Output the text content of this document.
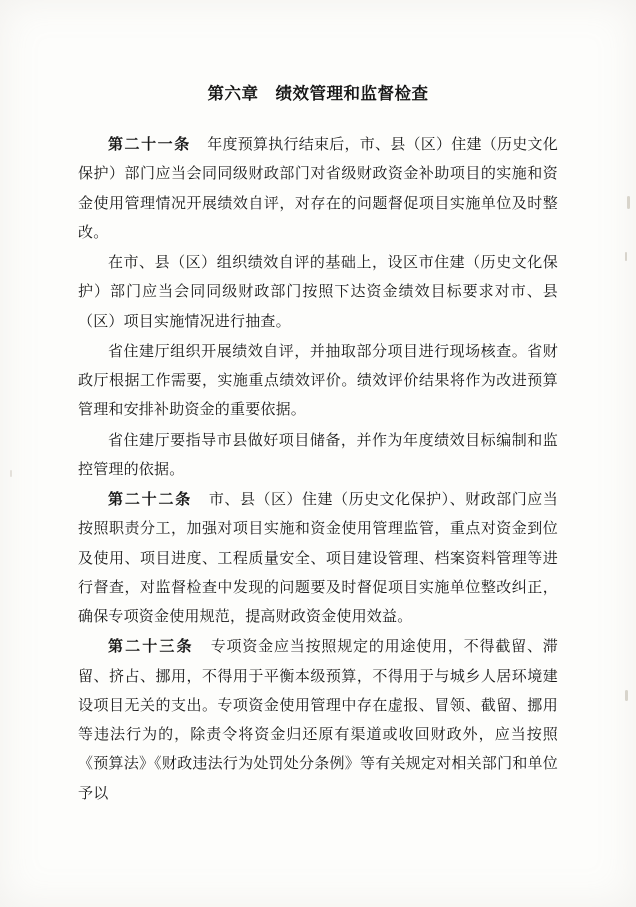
第六章　绩效管理和监督检查

第二十一条 年度预算执行结束后，市、县（区）住建（历史文化保护）部门应当会同同级财政部门对省级财政资金补助项目的实施和资金使用管理情况开展绩效自评，对存在的问题督促项目实施单位及时整改。

在市、县（区）组织绩效自评的基础上，设区市住建（历史文化保护）部门应当会同同级财政部门按照下达资金绩效目标要求对市、县（区）项目实施情况进行抽查。

省住建厅组织开展绩效自评，并抽取部分项目进行现场核查。省财政厅根据工作需要，实施重点绩效评价。绩效评价结果将作为改进预算管理和安排补助资金的重要依据。

省住建厅要指导市县做好项目储备，并作为年度绩效目标编制和监控管理的依据。

第二十二条 市、县（区）住建（历史文化保护）、财政部门应当按照职责分工，加强对项目实施和资金使用管理监管，重点对资金到位及使用、项目进度、工程质量安全、项目建设管理、档案资料管理等进行督查，对监督检查中发现的问题要及时督促项目实施单位整改纠正，确保专项资金使用规范，提高财政资金使用效益。

第二十三条 专项资金应当按照规定的用途使用，不得截留、滞留、挤占、挪用，不得用于平衡本级预算，不得用于与城乡人居环境建设项目无关的支出。专项资金使用管理中存在虚报、冒领、截留、挪用等违法行为的，除责令将资金归还原有渠道或收回财政外，应当按照《预算法》《财政违法行为处罚处分条例》等有关规定对相关部门和单位予以
